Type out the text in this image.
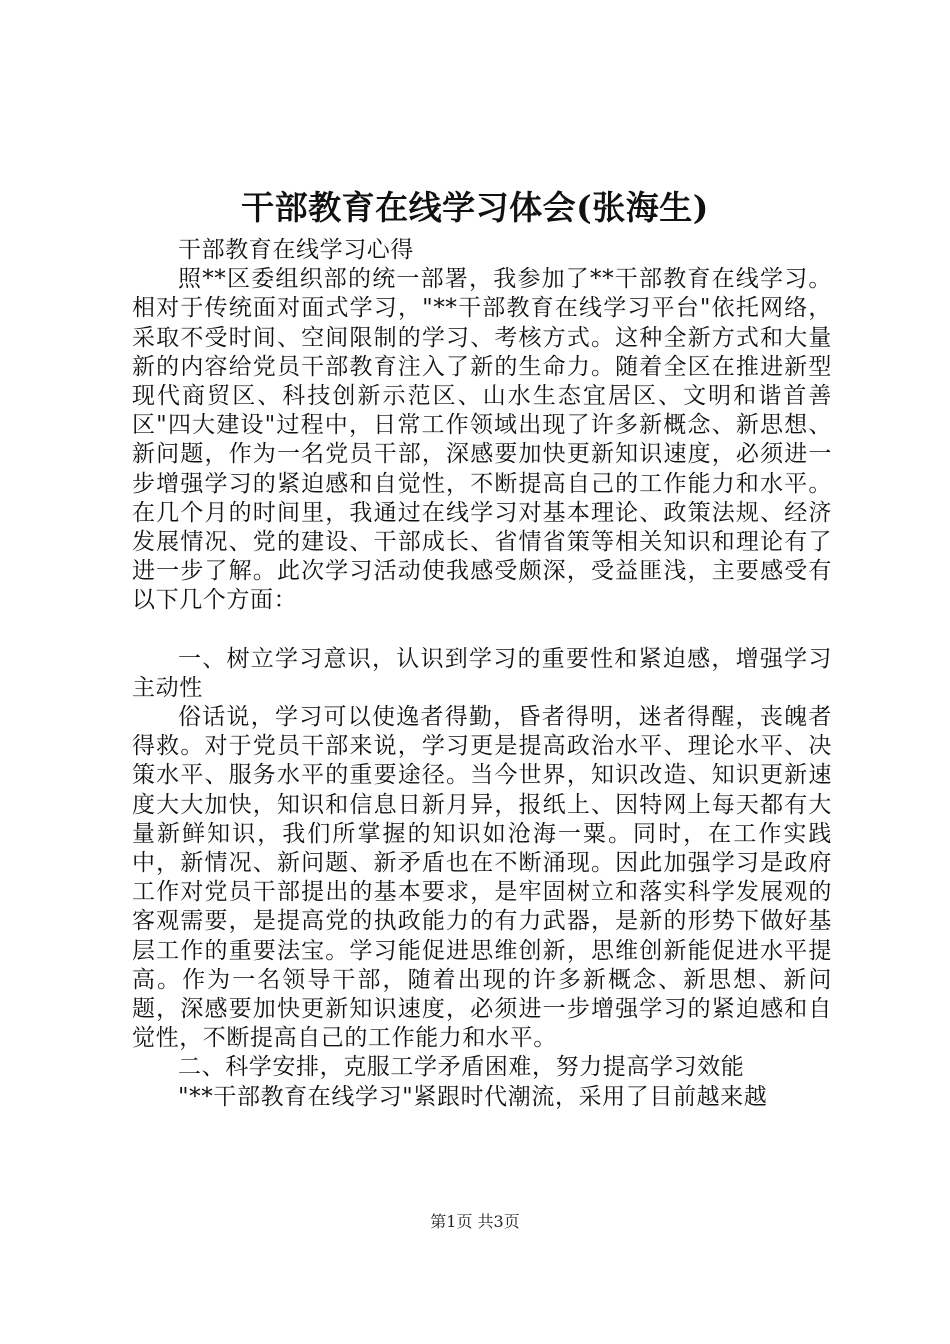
干部教育在线学习体会(张海生)

干部教育在线学习心得

照**区委组织部的统一部署，我参加了**干部教育在线学习。相对于传统面对面式学习，"**干部教育在线学习平台"依托网络，采取不受时间、空间限制的学习、考核方式。这种全新方式和大量新的内容给党员干部教育注入了新的生命力。随着全区在推进新型现代商贸区、科技创新示范区、山水生态宜居区、文明和谐首善区"四大建设"过程中，日常工作领域出现了许多新概念、新思想、新问题，作为一名党员干部，深感要加快更新知识速度，必须进一步增强学习的紧迫感和自觉性，不断提高自己的工作能力和水平。在几个月的时间里，我通过在线学习对基本理论、政策法规、经济发展情况、党的建设、干部成长、省情省策等相关知识和理论有了进一步了解。此次学习活动使我感受颇深，受益匪浅，主要感受有以下几个方面：

一、树立学习意识，认识到学习的重要性和紧迫感，增强学习主动性

俗话说，学习可以使逸者得勤，昏者得明，迷者得醒，丧魄者得救。对于党员干部来说，学习更是提高政治水平、理论水平、决策水平、服务水平的重要途径。当今世界，知识改造、知识更新速度大大加快，知识和信息日新月异，报纸上、因特网上每天都有大量新鲜知识，我们所掌握的知识如沧海一粟。同时，在工作实践中，新情况、新问题、新矛盾也在不断涌现。因此加强学习是政府工作对党员干部提出的基本要求，是牢固树立和落实科学发展观的客观需要，是提高党的执政能力的有力武器，是新的形势下做好基层工作的重要法宝。学习能促进思维创新，思维创新能促进水平提高。作为一名领导干部，随着出现的许多新概念、新思想、新问题，深感要加快更新知识速度，必须进一步增强学习的紧迫感和自觉性，不断提高自己的工作能力和水平。

二、科学安排，克服工学矛盾困难，努力提高学习效能

"**干部教育在线学习"紧跟时代潮流，采用了目前越来越

第1页 共3页
